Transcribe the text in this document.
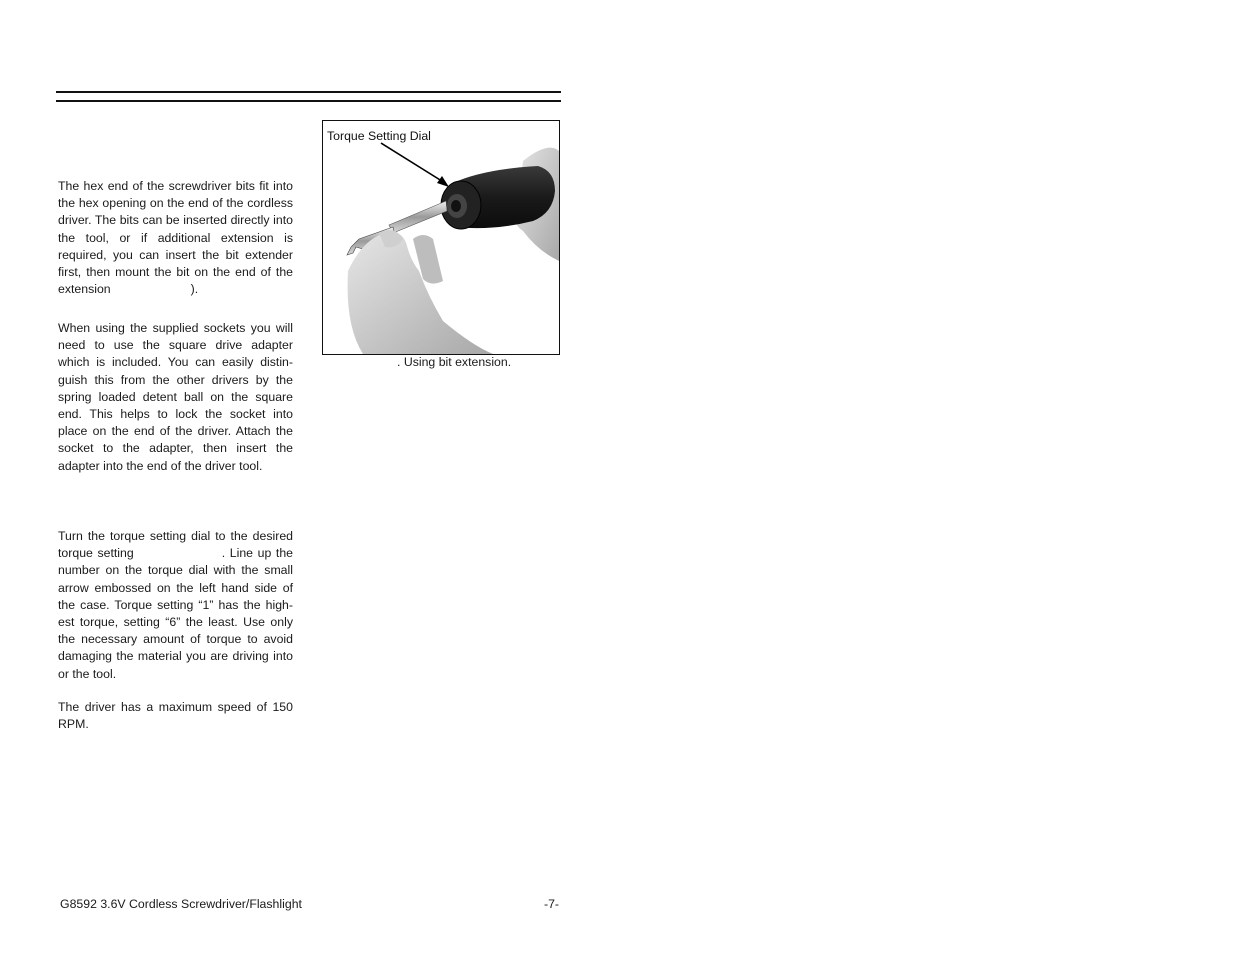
The hex end of the screwdriver bits fit into the hex opening on the end of the cordless driver. The bits can be inserted directly into the tool, or if additional extension is required, you can insert the bit extender first, then mount the bit on the end of the extension	).

When using the supplied sockets you will need to use the square drive adapter which is included. You can easily distin-guish this from the other drivers by the spring loaded detent ball on the square end. This helps to lock the socket into place on the end of the driver. Attach the socket to the adapter, then insert the adapter into the end of the driver tool.

Turn the torque setting dial to the desired torque setting	. Line up the number on the torque dial with the small arrow embossed on the left hand side of the case. Torque setting “1” has the high-est torque, setting “6” the least. Use only the necessary amount of torque to avoid damaging the material you are driving into or the tool.

The driver has a maximum speed of 150 RPM.

Torque Setting Dial
. Using bit extension.
G8592 3.6V Cordless Screwdriver/Flashlight	-7-
